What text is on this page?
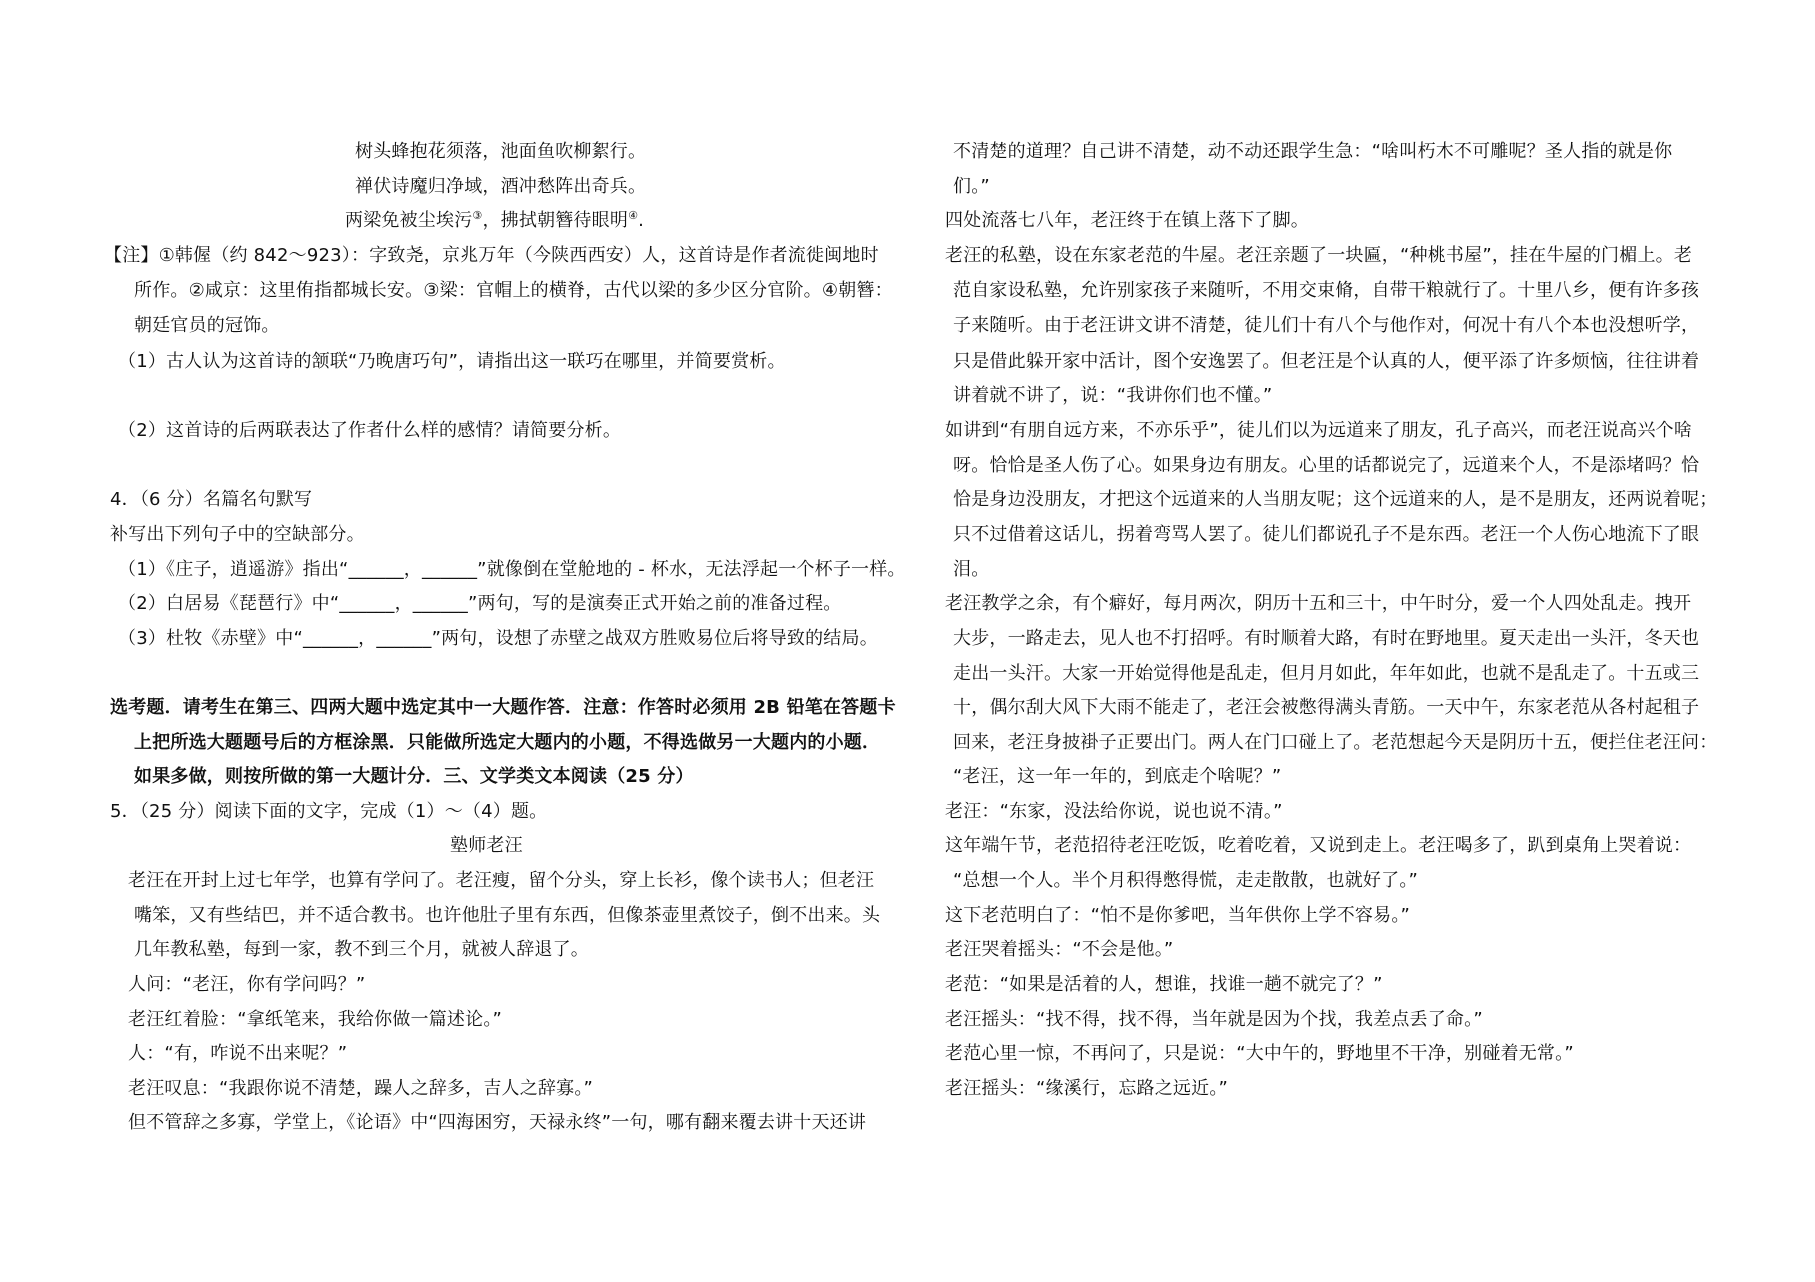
树头蜂抱花须落，池面鱼吹柳絮行。
禅伏诗魔归净域，酒冲愁阵出奇兵。
两梁免被尘埃污③，拂拭朝簪待眼明④.
【注】①韩偓（约 842～923）：字致尧，京兆万年（今陕西西安）人，这首诗是作者流徙闽地时
所作。②咸京：这里侑指都城长安。③梁：官帽上的横脊，古代以梁的多少区分官阶。④朝簪：
朝廷官员的冠饰。
（1）古人认为这首诗的颔联“乃晚唐巧句”，请指出这一联巧在哪里，并简要赏析。
（2）这首诗的后两联表达了作者什么样的感情？请简要分析。
4．（6 分）名篇名句默写
补写出下列句子中的空缺部分。
（1）《庄子，逍遥游》指出“______，______”就像倒在堂舱地的 - 杯水，无法浮起一个杯子一样。
（2）白居易《琵琶行》中“______，______”两句，写的是演奏正式开始之前的准备过程。
（3）杜牧《赤壁》中“______，______”两句，设想了赤壁之战双方胜败易位后将导致的结局。
选考题．请考生在第三、四两大题中选定其中一大题作答．注意：作答时必须用 2B 铅笔在答题卡
上把所选大题题号后的方框涂黑．只能做所选定大题内的小题，不得选做另一大题内的小题．
如果多做，则按所做的第一大题计分．三、文学类文本阅读（25 分）
5．（25 分）阅读下面的文字，完成（1）～（4）题。
塾师老汪
老汪在开封上过七年学，也算有学问了。老汪瘦，留个分头，穿上长衫，像个读书人；但老汪
嘴笨，又有些结巴，并不适合教书。也许他肚子里有东西，但像茶壶里煮饺子，倒不出来。头
几年教私塾，每到一家，教不到三个月，就被人辞退了。
人问：“老汪，你有学问吗？”
老汪红着脸：“拿纸笔来，我给你做一篇述论。”
人：“有，咋说不出来呢？”
老汪叹息：“我跟你说不清楚，躁人之辞多，吉人之辞寡。”
但不管辞之多寡，学堂上，《论语》中“四海困穷，天禄永终”一句，哪有翻来覆去讲十天还讲
不清楚的道理？自己讲不清楚，动不动还跟学生急：“啥叫朽木不可雕呢？圣人指的就是你
们。”
四处流落七八年，老汪终于在镇上落下了脚。
老汪的私塾，设在东家老范的牛屋。老汪亲题了一块匾，“种桃书屋”，挂在牛屋的门楣上。老
范自家设私塾，允许别家孩子来随听，不用交束脩，自带干粮就行了。十里八乡，便有许多孩
子来随听。由于老汪讲文讲不清楚，徒儿们十有八个与他作对，何况十有八个本也没想听学，
只是借此躲开家中活计，图个安逸罢了。但老汪是个认真的人，便平添了许多烦恼，往往讲着
讲着就不讲了，说：“我讲你们也不懂。”
如讲到“有朋自远方来，不亦乐乎”，徒儿们以为远道来了朋友，孔子高兴，而老汪说高兴个啥
呀。恰恰是圣人伤了心。如果身边有朋友。心里的话都说完了，远道来个人，不是添堵吗？恰
恰是身边没朋友，才把这个远道来的人当朋友呢；这个远道来的人，是不是朋友，还两说着呢；
只不过借着这话儿，拐着弯骂人罢了。徒儿们都说孔子不是东西。老汪一个人伤心地流下了眼
泪。
老汪教学之余，有个癖好，每月两次，阴历十五和三十，中午时分，爱一个人四处乱走。拽开
大步，一路走去，见人也不打招呼。有时顺着大路，有时在野地里。夏天走出一头汗，冬天也
走出一头汗。大家一开始觉得他是乱走，但月月如此，年年如此，也就不是乱走了。十五或三
十，偶尔刮大风下大雨不能走了，老汪会被憋得满头青筋。一天中午，东家老范从各村起租子
回来，老汪身披褂子正要出门。两人在门口碰上了。老范想起今天是阴历十五，便拦住老汪问：
“老汪，这一年一年的，到底走个啥呢？”
老汪：“东家，没法给你说，说也说不清。”
这年端午节，老范招待老汪吃饭，吃着吃着，又说到走上。老汪喝多了，趴到桌角上哭着说：
“总想一个人。半个月积得憋得慌，走走散散，也就好了。”
这下老范明白了：“怕不是你爹吧，当年供你上学不容易。”
老汪哭着摇头：“不会是他。”
老范：“如果是活着的人，想谁，找谁一趟不就完了？”
老汪摇头：“找不得，找不得，当年就是因为个找，我差点丢了命。”
老范心里一惊，不再问了，只是说：“大中午的，野地里不干净，别碰着无常。”
老汪摇头：“缘溪行，忘路之远近。”
